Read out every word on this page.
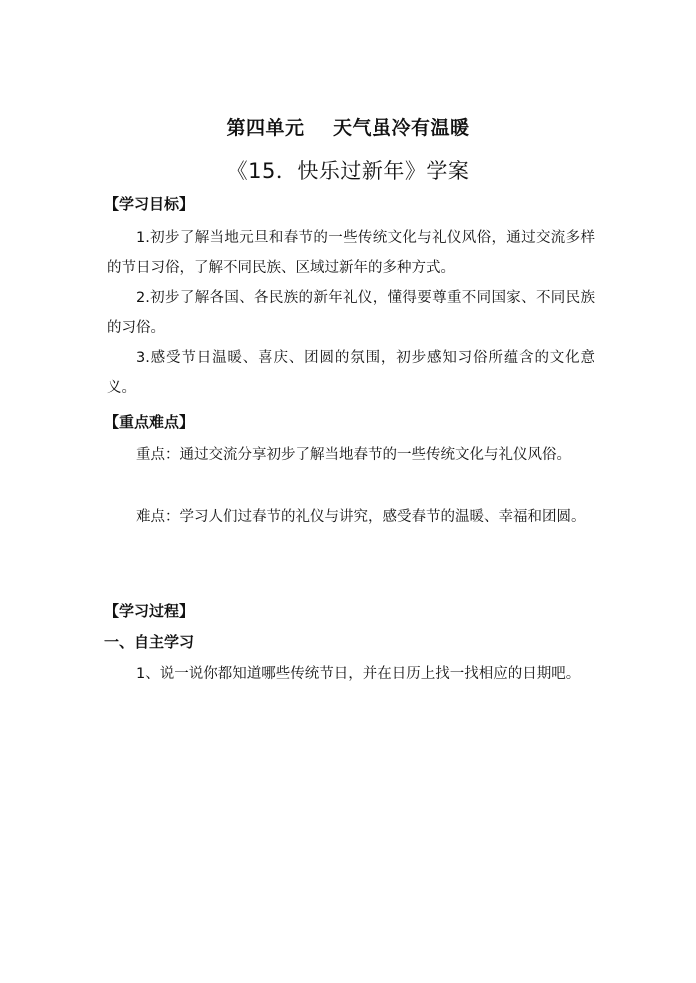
第四单元    天气虽冷有温暖
《15．快乐过新年》学案
【学习目标】
1.初步了解当地元旦和春节的一些传统文化与礼仪风俗，通过交流多样的节日习俗，了解不同民族、区域过新年的多种方式。
2.初步了解各国、各民族的新年礼仪，懂得要尊重不同国家、不同民族的习俗。
3.感受节日温暖、喜庆、团圆的氛围，初步感知习俗所蕴含的文化意义。
【重点难点】
重点：通过交流分享初步了解当地春节的一些传统文化与礼仪风俗。
难点：学习人们过春节的礼仪与讲究，感受春节的温暖、幸福和团圆。
【学习过程】
一、自主学习
1、说一说你都知道哪些传统节日，并在日历上找一找相应的日期吧。
